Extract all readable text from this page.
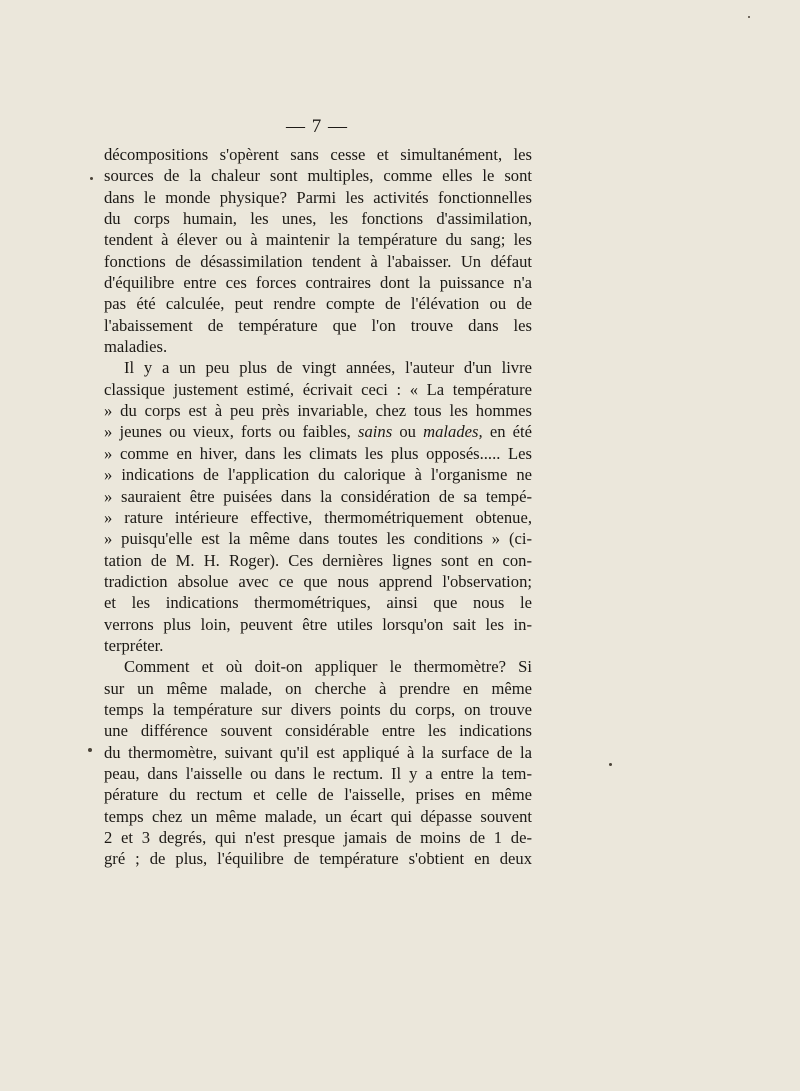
— 7 —
décompositions s'opèrent sans cesse et simultanément, les
sources de la chaleur sont multiples, comme elles le sont
dans le monde physique? Parmi les activités fonctionnelles
du corps humain, les unes, les fonctions d'assimilation,
tendent à élever ou à maintenir la température du sang; les
fonctions de désassimilation tendent à l'abaisser. Un défaut
d'équilibre entre ces forces contraires dont la puissance n'a
pas été calculée, peut rendre compte de l'élévation ou de
l'abaissement de température que l'on trouve dans les
maladies.
Il y a un peu plus de vingt années, l'auteur d'un livre
classique justement estimé, écrivait ceci : « La température
» du corps est à peu près invariable, chez tous les hommes
» jeunes ou vieux, forts ou faibles, sains ou malades, en été
» comme en hiver, dans les climats les plus opposés..... Les
» indications de l'application du calorique à l'organisme ne
» sauraient être puisées dans la considération de sa tempé-
» rature intérieure effective, thermométriquement obtenue,
» puisqu'elle est la même dans toutes les conditions » (ci-
tation de M. H. Roger). Ces dernières lignes sont en con-
tradiction absolue avec ce que nous apprend l'observation;
et les indications thermométriques, ainsi que nous le
verrons plus loin, peuvent être utiles lorsqu'on sait les in-
terpréter.
Comment et où doit-on appliquer le thermomètre? Si
sur un même malade, on cherche à prendre en même
temps la température sur divers points du corps, on trouve
une différence souvent considérable entre les indications
du thermomètre, suivant qu'il est appliqué à la surface de la
peau, dans l'aisselle ou dans le rectum. Il y a entre la tem-
pérature du rectum et celle de l'aisselle, prises en même
temps chez un même malade, un écart qui dépasse souvent
2 et 3 degrés, qui n'est presque jamais de moins de 1 de-
gré ; de plus, l'équilibre de température s'obtient en deux
